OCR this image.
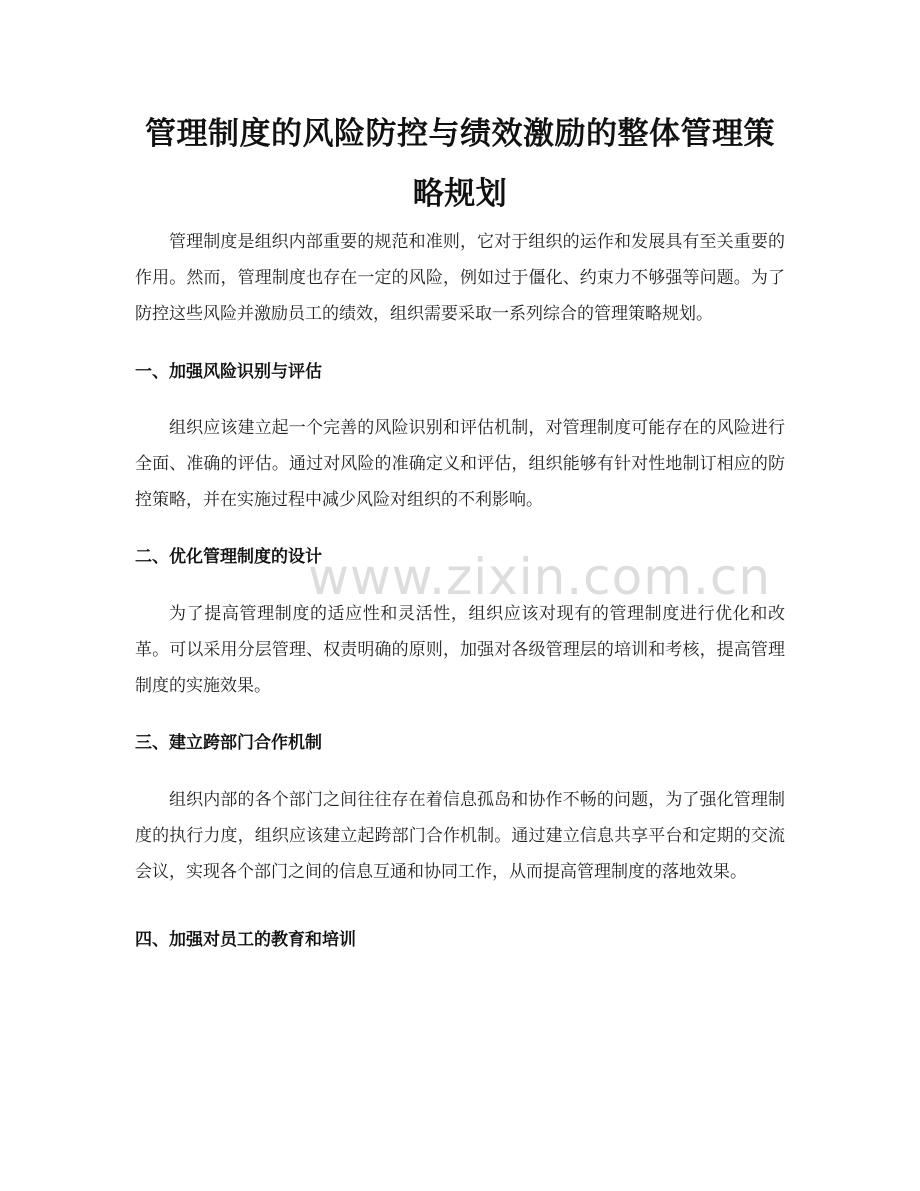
管理制度的风险防控与绩效激励的整体管理策略规划

管理制度是组织内部重要的规范和准则，它对于组织的运作和发展具有至关重要的作用。然而，管理制度也存在一定的风险，例如过于僵化、约束力不够强等问题。为了防控这些风险并激励员工的绩效，组织需要采取一系列综合的管理策略规划。

一、加强风险识别与评估

组织应该建立起一个完善的风险识别和评估机制，对管理制度可能存在的风险进行全面、准确的评估。通过对风险的准确定义和评估，组织能够有针对性地制订相应的防控策略，并在实施过程中减少风险对组织的不利影响。

二、优化管理制度的设计

为了提高管理制度的适应性和灵活性，组织应该对现有的管理制度进行优化和改革。可以采用分层管理、权责明确的原则，加强对各级管理层的培训和考核，提高管理制度的实施效果。

三、建立跨部门合作机制

组织内部的各个部门之间往往存在着信息孤岛和协作不畅的问题，为了强化管理制度的执行力度，组织应该建立起跨部门合作机制。通过建立信息共享平台和定期的交流会议，实现各个部门之间的信息互通和协同工作，从而提高管理制度的落地效果。

四、加强对员工的教育和培训
www.zixin.com.cn
